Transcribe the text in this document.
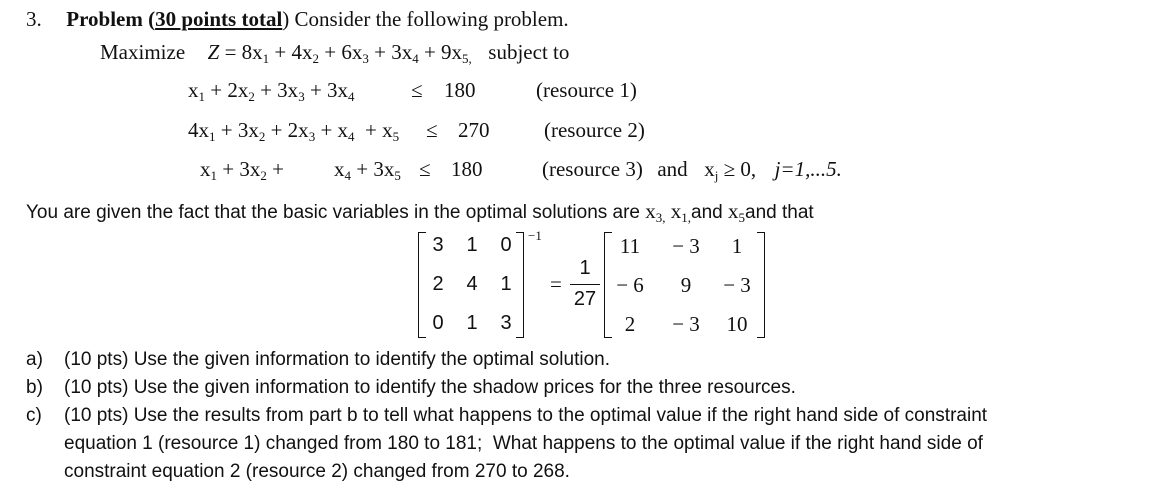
3. Problem (30 points total) Consider the following problem.
Maximize $Z = 8x_1 + 4x_2 + 6x_3 + 3x_4 + 9x_{5,}$ subject to
$x_1 + 2x_2 + 3x_3 + 3x_4$	≤ 180	(resource 1)
$4x_1 + 3x_2 + 2x_3 + x_4 + x_5 \le 270$	(resource 2)
$x_1 + 3x_2 + x_4 + 3x_5 \le 180$	(resource 3) and $x_j \ge 0$, j=1,...5.
You are given the fact that the basic variables in the optimal solutions are $x_{3,}$ $x_{1,}and$ $x_5and$ that
3	1	0
2	4	1
0	1	3
−1
=
1
27
11	− 3	1
− 6	9	− 3
2	− 3	10
a) (10 pts) Use the given information to identify the optimal solution.
b) (10 pts) Use the given information to identify the shadow prices for the three resources.
c) (10 pts) Use the results from part b to tell what happens to the optimal value if the right hand side of constraint
equation 1 (resource 1) changed from 180 to 181;  What happens to the optimal value if the right hand side of
constraint equation 2 (resource 2) changed from 270 to 268.
